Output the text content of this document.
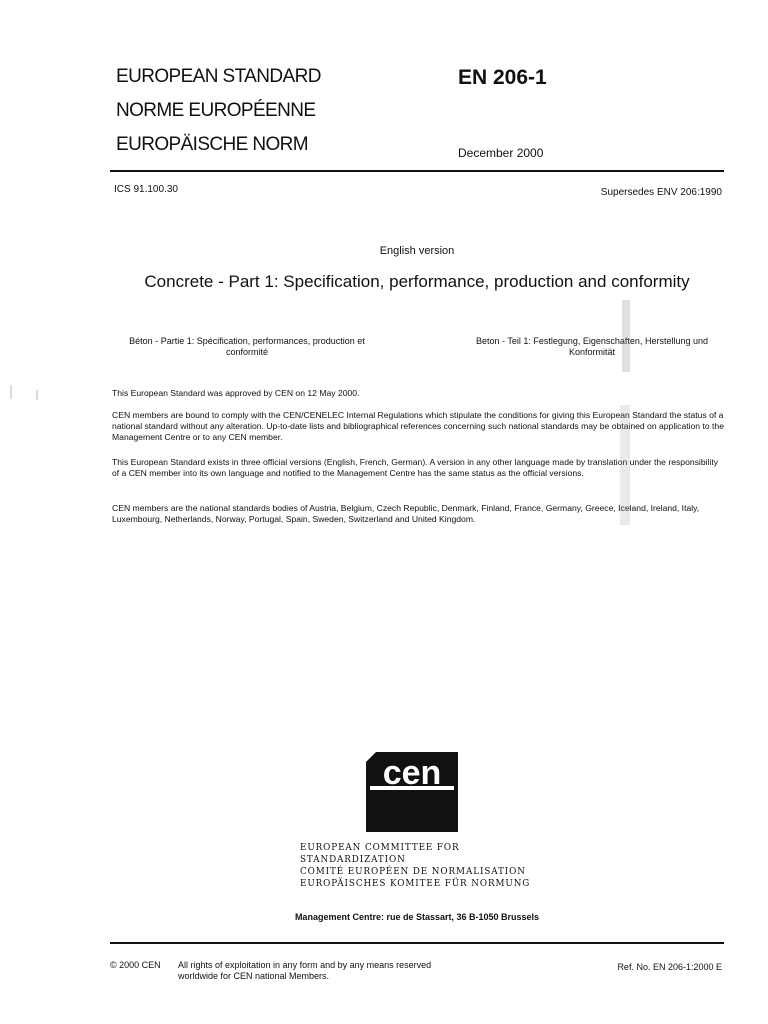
EUROPEAN STANDARD
NORME EUROPÉENNE
EUROPÄISCHE NORM
EN 206-1
December 2000
ICS 91.100.30	Supersedes ENV 206:1990
English version
Concrete - Part 1: Specification, performance, production and conformity
Béton - Partie 1: Spécification, performances, production et conformité
Beton - Teil 1: Festlegung, Eigenschaften, Herstellung und Konformität
This European Standard was approved by CEN on 12 May 2000.
CEN members are bound to comply with the CEN/CENELEC Internal Regulations which stipulate the conditions for giving this European Standard the status of a national standard without any alteration. Up-to-date lists and bibliographical references concerning such national standards may be obtained on application to the Management Centre or to any CEN member.
This European Standard exists in three official versions (English, French, German). A version in any other language made by translation under the responsibility of a CEN member into its own language and notified to the Management Centre has the same status as the official versions.
CEN members are the national standards bodies of Austria, Belgium, Czech Republic, Denmark, Finland, France, Germany, Greece, Iceland, Ireland, Italy, Luxembourg, Netherlands, Norway, Portugal, Spain, Sweden, Switzerland and United Kingdom.
cen
EUROPEAN COMMITTEE FOR STANDARDIZATION
COMITÉ EUROPÉEN DE NORMALISATION
EUROPÄISCHES KOMITEE FÜR NORMUNG
Management Centre: rue de Stassart, 36 B-1050 Brussels
© 2000 CEN All rights of exploitation in any form and by any means reserved worldwide for CEN national Members.
Ref. No. EN 206-1:2000 E
